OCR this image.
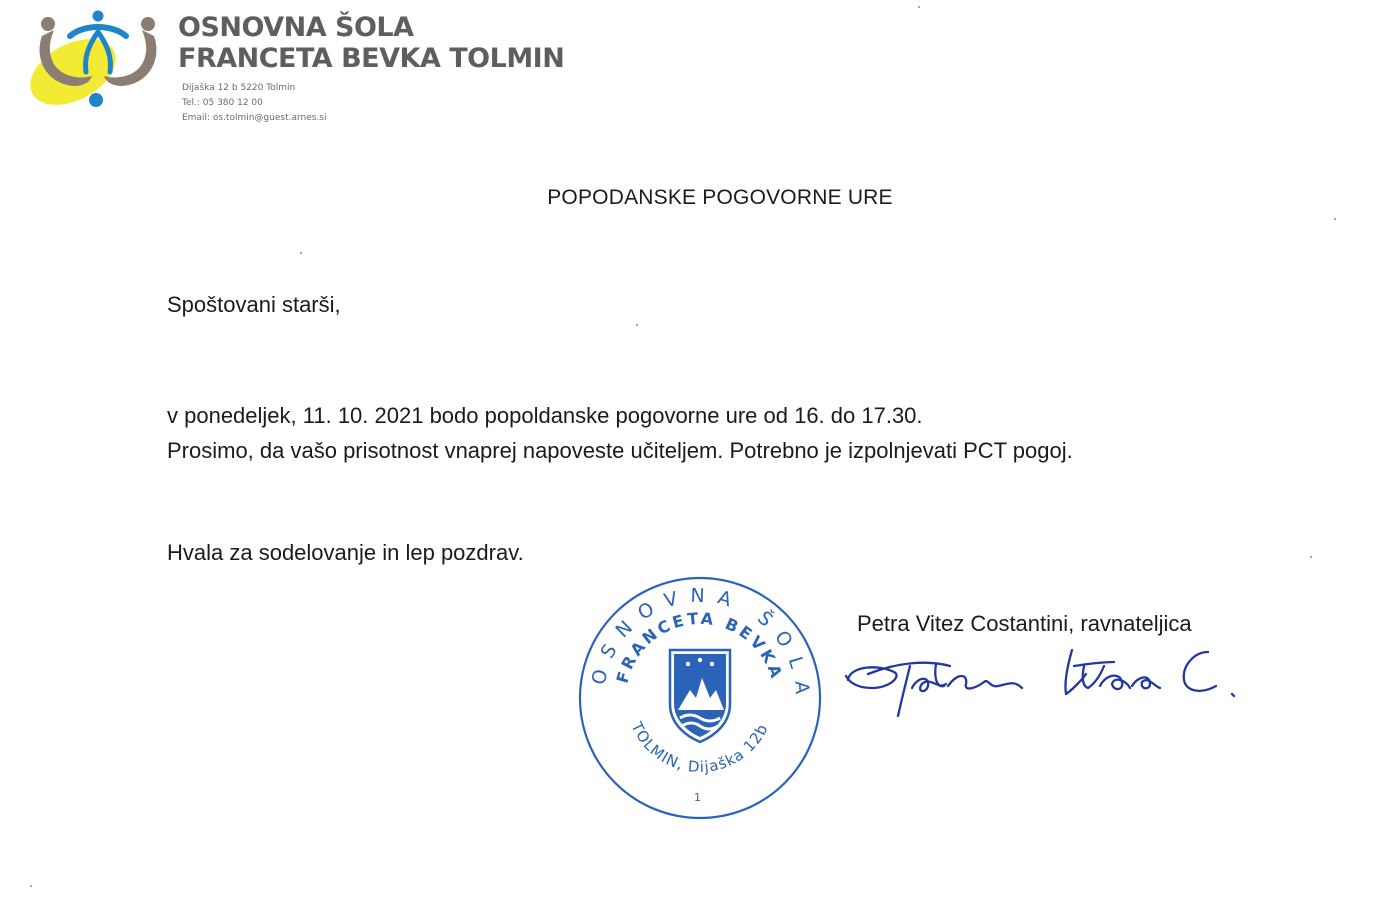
OSNOVNA ŠOLA
FRANCETA BEVKA TOLMIN
Dijaška 12 b 5220 Tolmin
Tel.: 05 380 12 00
Email: os.tolmin@guest.arnes.si
POPODANSKE POGOVORNE URE
Spoštovani starši,
v ponedeljek, 11. 10. 2021 bodo popoldanske pogovorne ure od 16. do 17.30.
Prosimo, da vašo prisotnost vnaprej napoveste učiteljem. Potrebno je izpolnjevati PCT pogoj.
Hvala za sodelovanje in lep pozdrav.
Petra Vitez Costantini, ravnateljica
OSNOVNA ŠOLA
FRANCETA BEVKA
TOLMIN, Dijaška 12b
1
